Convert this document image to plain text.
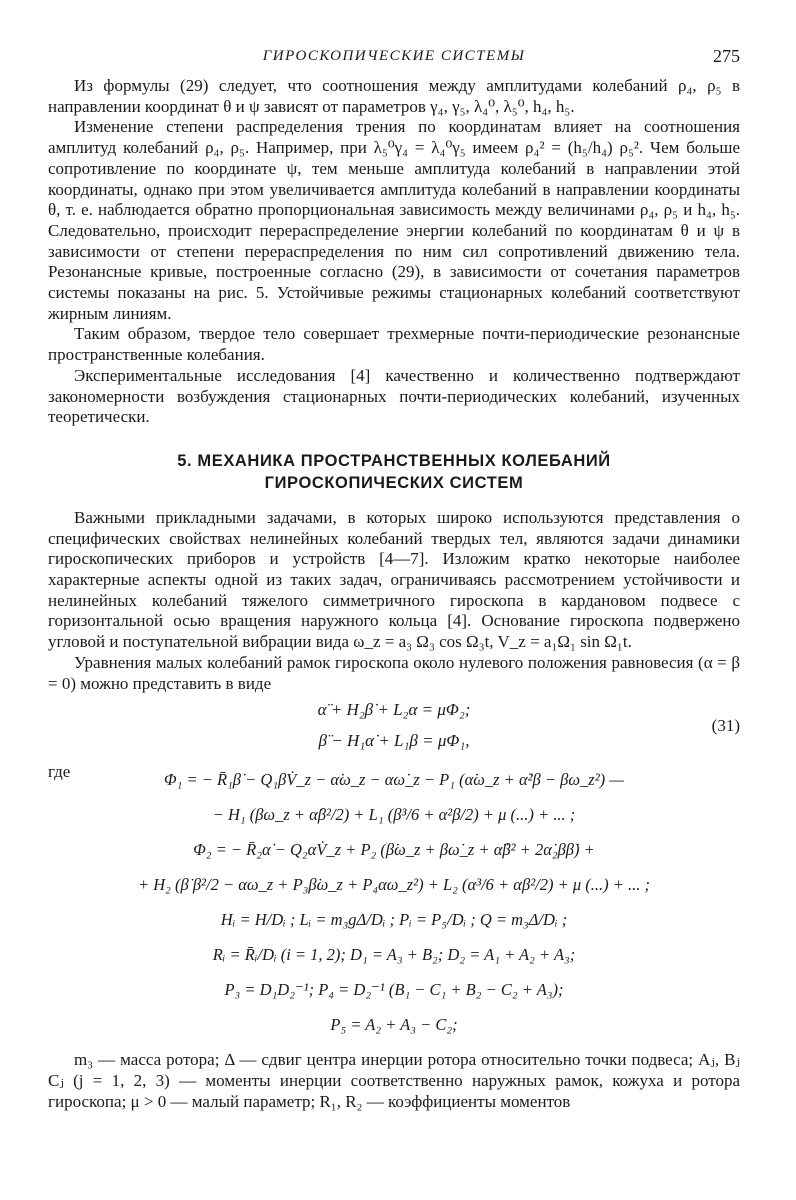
ГИРОСКОПИЧЕСКИЕ СИСТЕМЫ	275

Из формулы (29) следует, что соотношения между амплитудами колебаний ρ₄, ρ₅ в направлении координат θ и ψ зависят от параметров γ₄, γ₅, λ₄⁰, λ₅⁰, h₄, h₅.

Изменение степени распределения трения по координатам влияет на соотношения амплитуд колебаний ρ₄, ρ₅. Например, при λ₅⁰γ₄ = λ₄⁰γ₅ имеем ρ₄² = (h₅/h₄) ρ₅². Чем больше сопротивление по координате ψ, тем меньше амплитуда колебаний в направлении этой координаты, однако при этом увеличивается амплитуда колебаний в направлении координаты θ, т. е. наблюдается обратно пропорциональная зависимость между величинами ρ₄, ρ₅ и h₄, h₅. Следовательно, происходит перераспределение энергии колебаний по координатам θ и ψ в зависимости от степени перераспределения по ним сил сопротивлений движению тела. Резонансные кривые, построенные согласно (29), в зависимости от сочетания параметров системы показаны на рис. 5. Устойчивые режимы стационарных колебаний соответствуют жирным линиям.

Таким образом, твердое тело совершает трехмерные почти-периодические резонансные пространственные колебания.

Экспериментальные исследования [4] качественно и количественно подтверждают закономерности возбуждения стационарных почти-периодических колебаний, изученных теоретически.

5. МЕХАНИКА ПРОСТРАНСТВЕННЫХ КОЛЕБАНИЙ
ГИРОСКОПИЧЕСКИХ СИСТЕМ

Важными прикладными задачами, в которых широко используются представления о специфических свойствах нелинейных колебаний твердых тел, являются задачи динамики гироскопических приборов и устройств [4—7]. Изложим кратко некоторые наиболее характерные аспекты одной из таких задач, ограничиваясь рассмотрением устойчивости и нелинейных колебаний тяжелого симметричного гироскопа в кардановом подвесе с горизонтальной осью вращения наружного кольца [4]. Основание гироскопа подвержено угловой и поступательной вибрации вида ω_z = a₃ Ω₃ cos Ω₃t, V_z = a₁Ω₁ sin Ω₁t.

Уравнения малых колебаний рамок гироскопа около нулевого положения равновесия (α = β = 0) можно представить в виде

α̈ + H₂β̇ + L₂α = μΦ₂;
β̈ − H₁α̇ + L₁β = μΦ₁,
(31)
где	Φ₁ = − R̄₁β̇ − Q₁βV̇_z − α̇ω_z − αω̇_z − P₁ (α̇ω_z + α̇²β − βω_z²) —
− H₁ (βω_z + α̇β²/2) + L₁ (β³/6 + α²β/2) + μ (...) + ... ;
Φ₂ = − R̄₂α̇ − Q₂αV̇_z + P₂ (β̇ω_z + βω̇_z + α̈β² + 2α̇₂ββ̇) +
+ H₂ (β̇ β²/2 − αω_z + P₃β̇ω_z + P₄αω_z²) + L₂ (α³/6 + αβ²/2) + μ (...) + ... ;
Hᵢ = H/Dᵢ ; Lᵢ = m₃gΔ/Dᵢ ; Pᵢ = P₅/Dᵢ ; Q = m₃Δ/Dᵢ ;
Rᵢ = R̄ᵢ/Dᵢ (i = 1, 2); D₁ = A₃ + B₂; D₂ = A₁ + A₂ + A₃;
P₃ = D₁D₂⁻¹; P₄ = D₂⁻¹ (B₁ − C₁ + B₂ − C₂ + A₃);
P₅ = A₂ + A₃ − C₂;

m₃ — масса ротора; Δ — сдвиг центра инерции ротора относительно точки подвеса; Aⱼ, Bⱼ Cⱼ (j = 1, 2, 3) — моменты инерции соответственно наружных рамок, кожуха и ротора гироскопа; μ > 0 — малый параметр; R₁, R₂ — коэффициенты моментов
